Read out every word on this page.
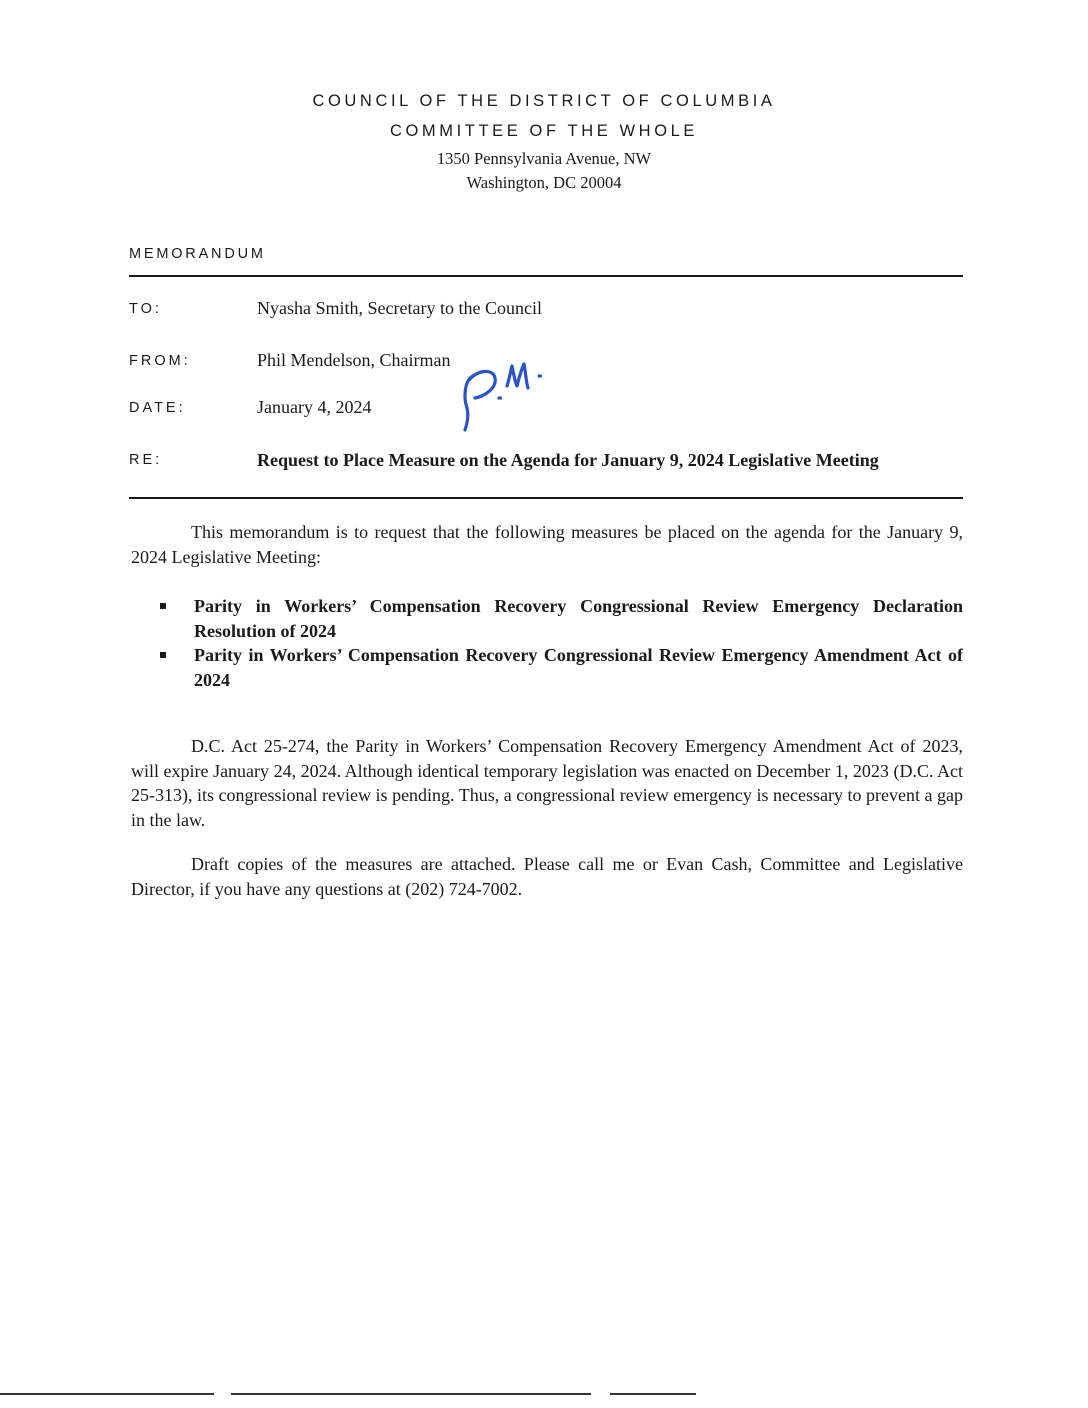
COUNCIL OF THE DISTRICT OF COLUMBIA
COMMITTEE OF THE WHOLE
1350 Pennsylvania Avenue, NW
Washington, DC 20004
MEMORANDUM
TO:	Nyasha Smith, Secretary to the Council
FROM:	Phil Mendelson, Chairman
DATE:	January 4, 2024
RE:	Request to Place Measure on the Agenda for January 9, 2024 Legislative Meeting

This memorandum is to request that the following measures be placed on the agenda for the January 9, 2024 Legislative Meeting:

Parity in Workers’ Compensation Recovery Congressional Review Emergency Declaration Resolution of 2024
Parity in Workers’ Compensation Recovery Congressional Review Emergency Amendment Act of 2024

D.C. Act 25-274, the Parity in Workers’ Compensation Recovery Emergency Amendment Act of 2023, will expire January 24, 2024. Although identical temporary legislation was enacted on December 1, 2023 (D.C. Act 25-313), its congressional review is pending. Thus, a congressional review emergency is necessary to prevent a gap in the law.

Draft copies of the measures are attached. Please call me or Evan Cash, Committee and Legislative Director, if you have any questions at (202) 724-7002.
